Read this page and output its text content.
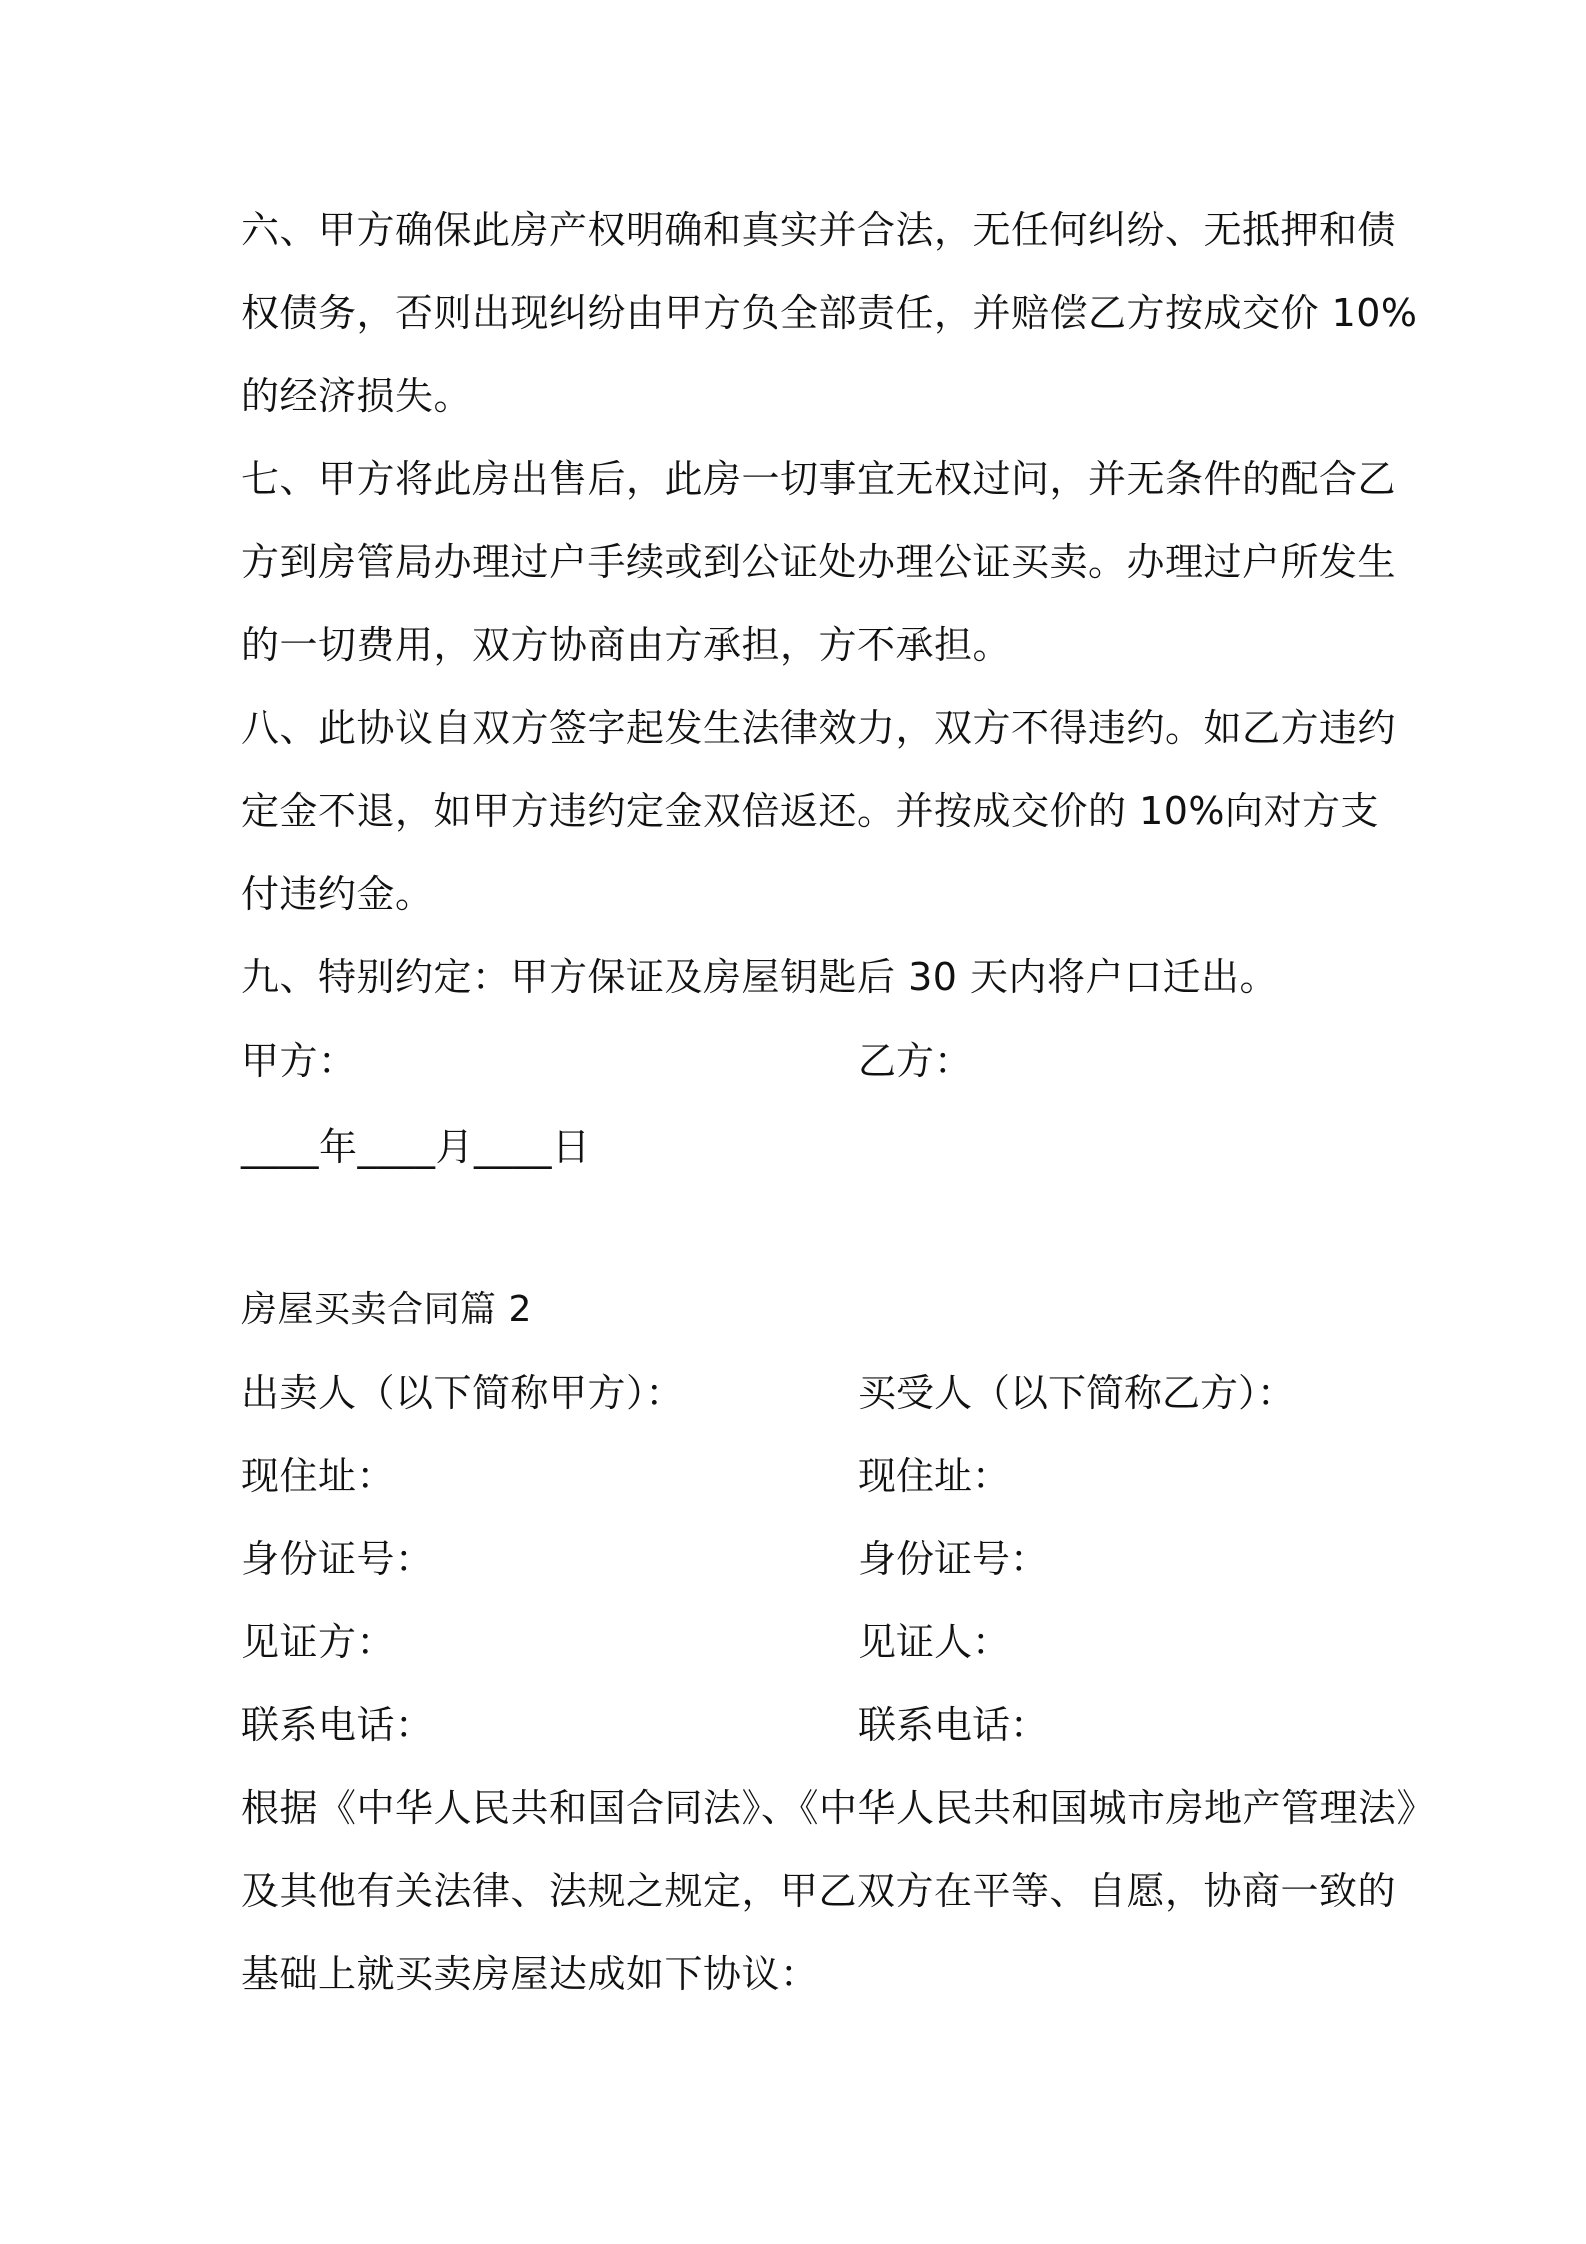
六、甲方确保此房产权明确和真实并合法，无任何纠纷、无抵押和债
权债务，否则出现纠纷由甲方负全部责任，并赔偿乙方按成交价 10%
的经济损失。
七、甲方将此房出售后，此房一切事宜无权过问，并无条件的配合乙
方到房管局办理过户手续或到公证处办理公证买卖。办理过户所发生
的一切费用，双方协商由方承担，方不承担。
八、此协议自双方签字起发生法律效力，双方不得违约。如乙方违约
定金不退，如甲方违约定金双倍返还。并按成交价的 10%向对方支
付违约金。
九、特别约定：甲方保证及房屋钥匙后 30 天内将户口迁出。
甲方：	乙方：
____年____月____日
房屋买卖合同篇 2
出卖人（以下简称甲方）：	买受人（以下简称乙方）：
现住址：	现住址：
身份证号：	身份证号：
见证方：	见证人：
联系电话：	联系电话：
根据《中华人民共和国合同法》、《中华人民共和国城市房地产管理法》
及其他有关法律、法规之规定，甲乙双方在平等、自愿，协商一致的
基础上就买卖房屋达成如下协议：
